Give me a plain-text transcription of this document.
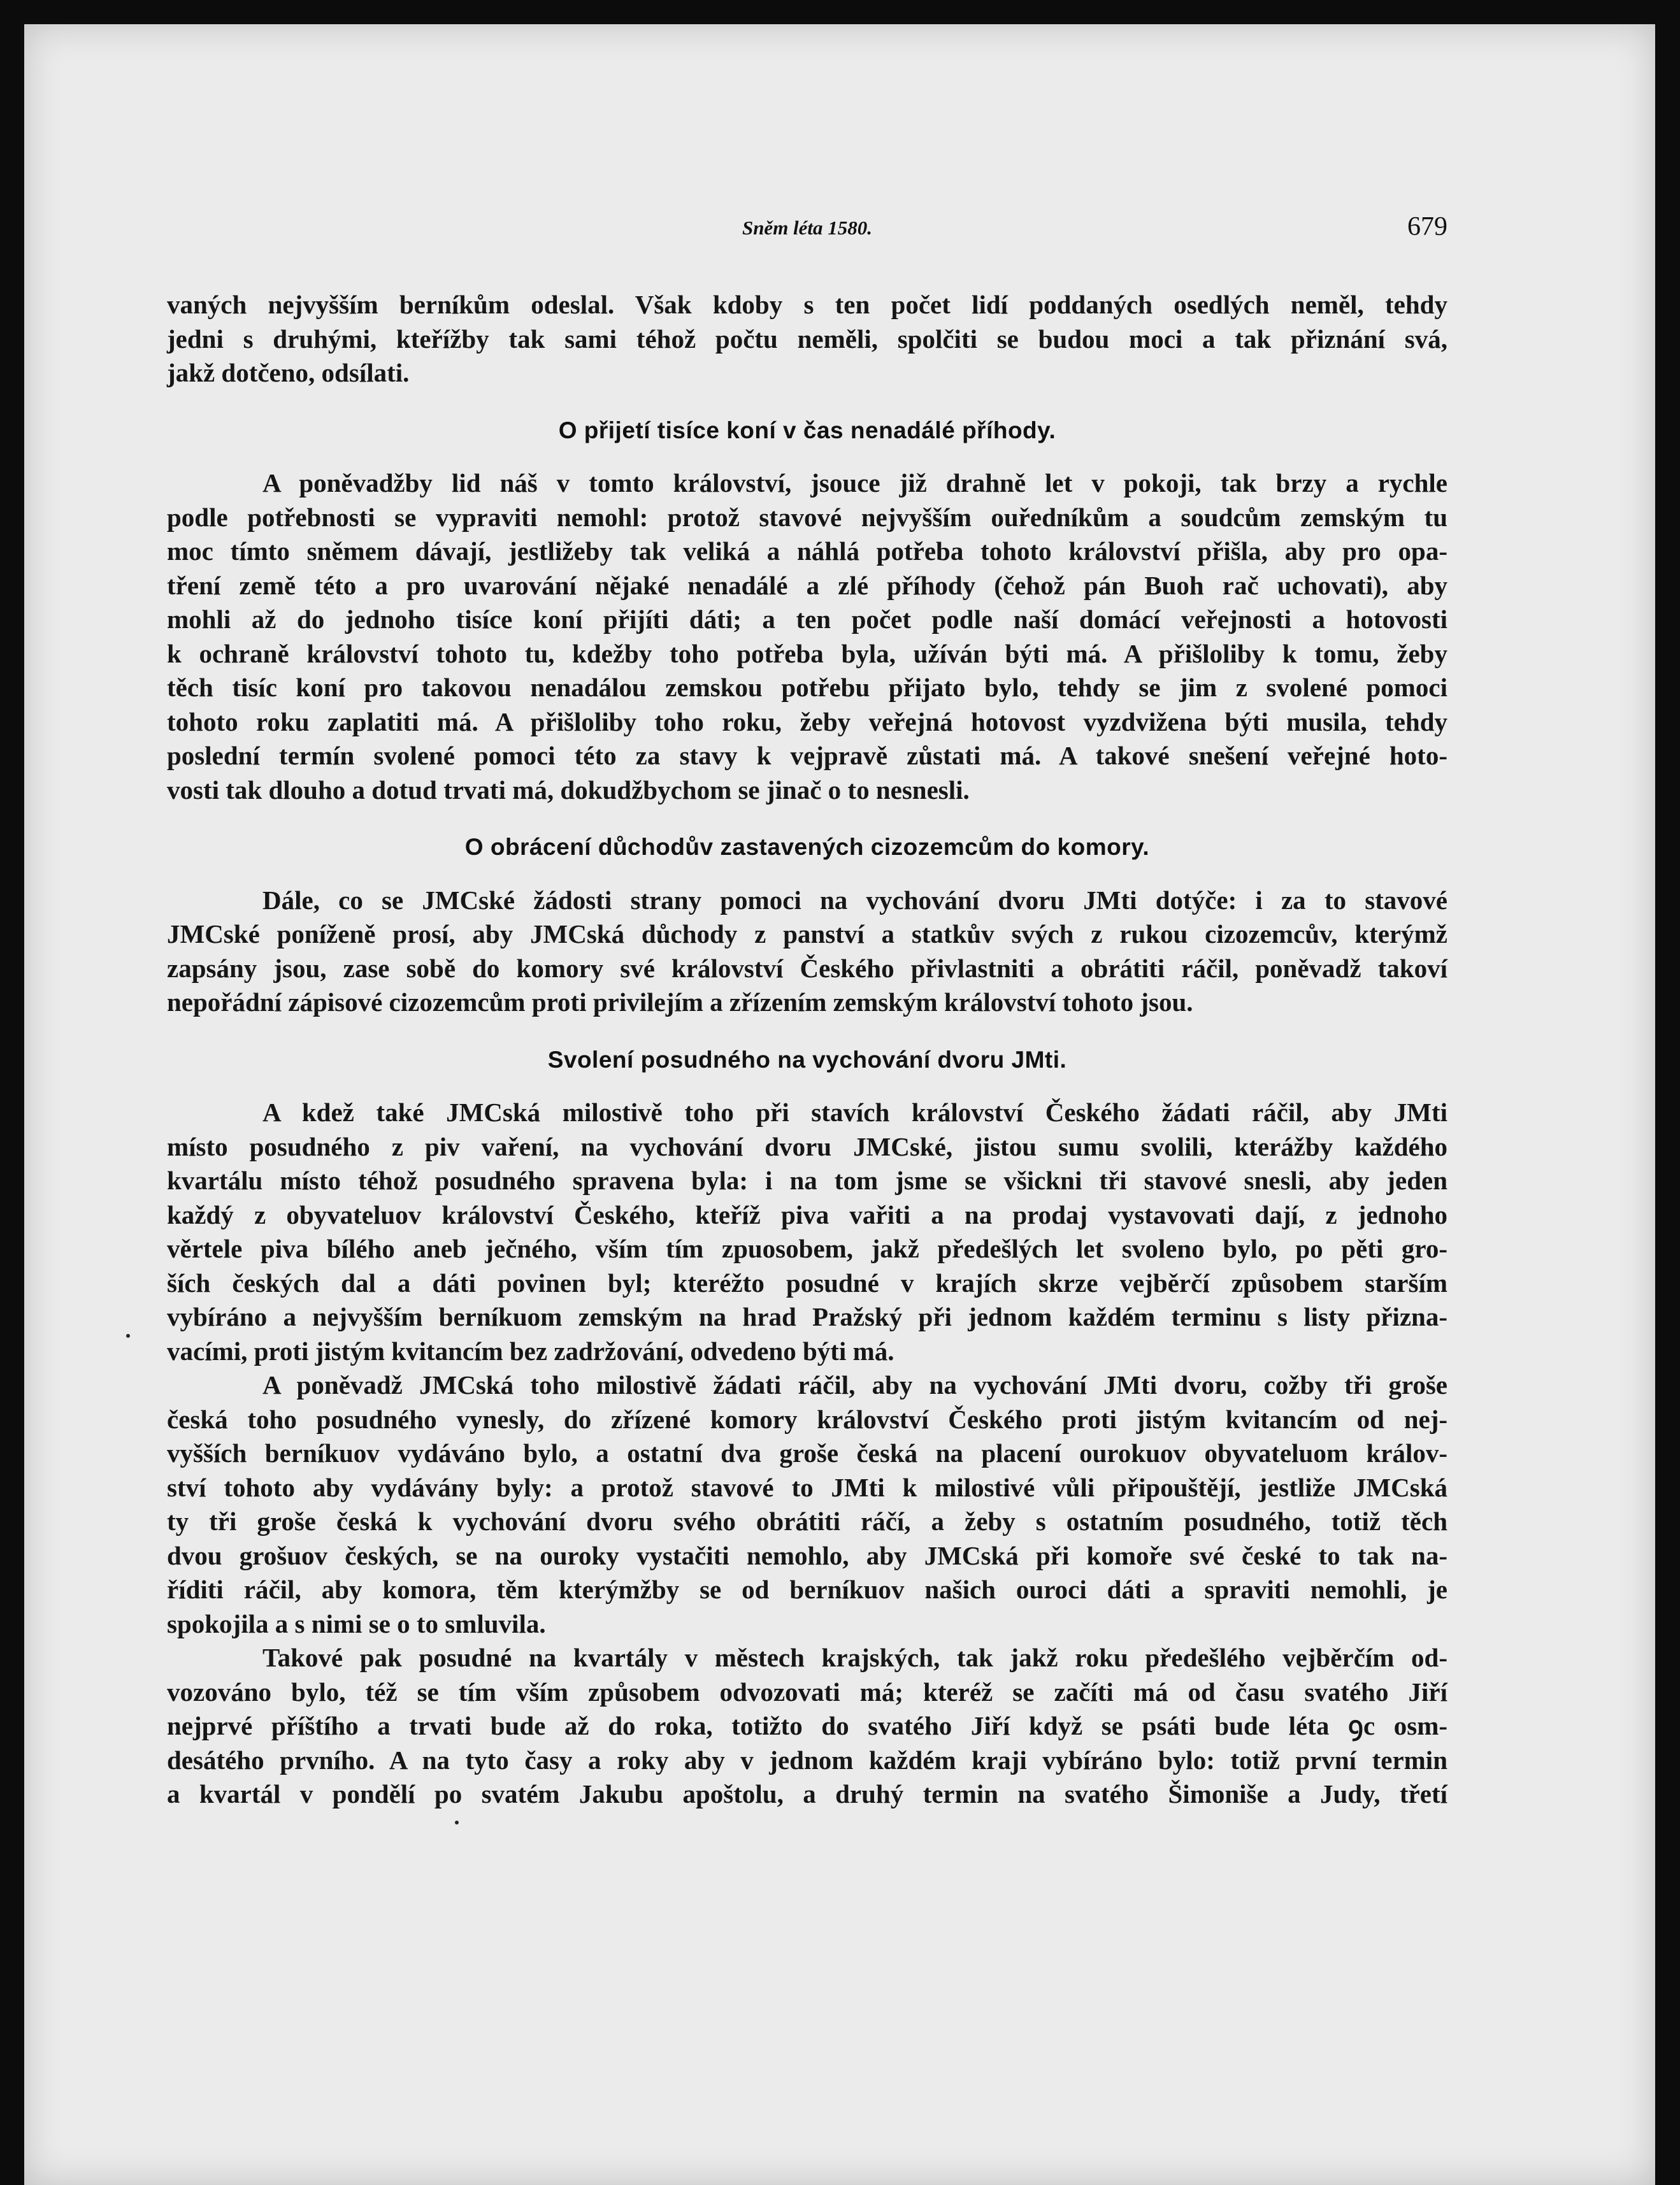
Sněm léta 1580.	679

vaných nejvyšším berníkům odeslal. Však kdoby s ten počet lidí poddaných osedlých neměl, tehdy

jedni s druhými, kteřížby tak sami téhož počtu neměli, spolčiti se budou moci a tak přiznání svá,

jakž dotčeno, odsílati.

O přijetí tisíce koní v čas nenadálé příhody.

A poněvadžby lid náš v tomto království, jsouce již drahně let v pokoji, tak brzy a rychle

podle potřebnosti se vypraviti nemohl: protož stavové nejvyšším ouředníkům a soudcům zemským tu

moc tímto sněmem dávají, jestližeby tak veliká a náhlá potřeba tohoto království přišla, aby pro opa-

tření země této a pro uvarování nějaké nenadálé a zlé příhody (čehož pán Buoh rač uchovati), aby

mohli až do jednoho tisíce koní přijíti dáti; a ten počet podle naší domácí veřejnosti a hotovosti

k ochraně království tohoto tu, kdežby toho potřeba byla, užíván býti má. A přišloliby k tomu, žeby

těch tisíc koní pro takovou nenadálou zemskou potřebu přijato bylo, tehdy se jim z svolené pomoci

tohoto roku zaplatiti má. A přišloliby toho roku, žeby veřejná hotovost vyzdvižena býti musila, tehdy

poslední termín svolené pomoci této za stavy k vejpravě zůstati má. A takové snešení veřejné hoto-

vosti tak dlouho a dotud trvati má, dokudžbychom se jinač o to nesnesli.

O obrácení důchodův zastavených cizozemcům do komory.

Dále, co se JMCské žádosti strany pomoci na vychování dvoru JMti dotýče: i za to stavové

JMCské poníženě prosí, aby JMCská důchody z panství a statkův svých z rukou cizozemcův, kterýmž

zapsány jsou, zase sobě do komory své království Českého přivlastniti a obrátiti ráčil, poněvadž takoví

nepořádní zápisové cizozemcům proti privilejím a zřízením zemským království tohoto jsou.

Svolení posudného na vychování dvoru JMti.

A kdež také JMCská milostivě toho při stavích království Českého žádati ráčil, aby JMti

místo posudného z piv vaření, na vychování dvoru JMCské, jistou sumu svolili, kterážby každého

kvartálu místo téhož posudného spravena byla: i na tom jsme se všickni tři stavové snesli, aby jeden

každý z obyvateluov království Českého, kteříž piva vařiti a na prodaj vystavovati dají, z jednoho

věrtele piva bílého aneb ječného, vším tím zpuosobem, jakž předešlých let svoleno bylo, po pěti gro-

ších českých dal a dáti povinen byl; kteréžto posudné v krajích skrze vejběrčí způsobem starším

vybíráno a nejvyšším berníkuom zemským na hrad Pražský při jednom každém terminu s listy přizna-

vacími, proti jistým kvitancím bez zadržování, odvedeno býti má.

A poněvadž JMCská toho milostivě žádati ráčil, aby na vychování JMti dvoru, cožby tři groše

česká toho posudného vynesly, do zřízené komory království Českého proti jistým kvitancím od nej-

vyšších berníkuov vydáváno bylo, a ostatní dva groše česká na placení ourokuov obyvateluom králov-

ství tohoto aby vydávány byly: a protož stavové to JMti k milostivé vůli připouštějí, jestliže JMCská

ty tři groše česká k vychování dvoru svého obrátiti ráčí, a žeby s ostatním posudného, totiž těch

dvou grošuov českých, se na ouroky vystačiti nemohlo, aby JMCská při komoře své české to tak na-

říditi ráčil, aby komora, těm kterýmžby se od berníkuov našich ouroci dáti a spraviti nemohli, je

spokojila a s nimi se o to smluvila.

Takové pak posudné na kvartály v městech krajských, tak jakž roku předešlého vejběrčím od-

vozováno bylo, též se tím vším způsobem odvozovati má; kteréž se začíti má od času svatého Jiří

nejprvé příštího a trvati bude až do roka, totižto do svatého Jiří když se psáti bude léta ꝯc osm-

desátého prvního. A na tyto časy a roky aby v jednom každém kraji vybíráno bylo: totiž první termin

a kvartál v pondělí po svatém Jakubu apoštolu, a druhý termin na svatého Šimoniše a Judy, třetí
